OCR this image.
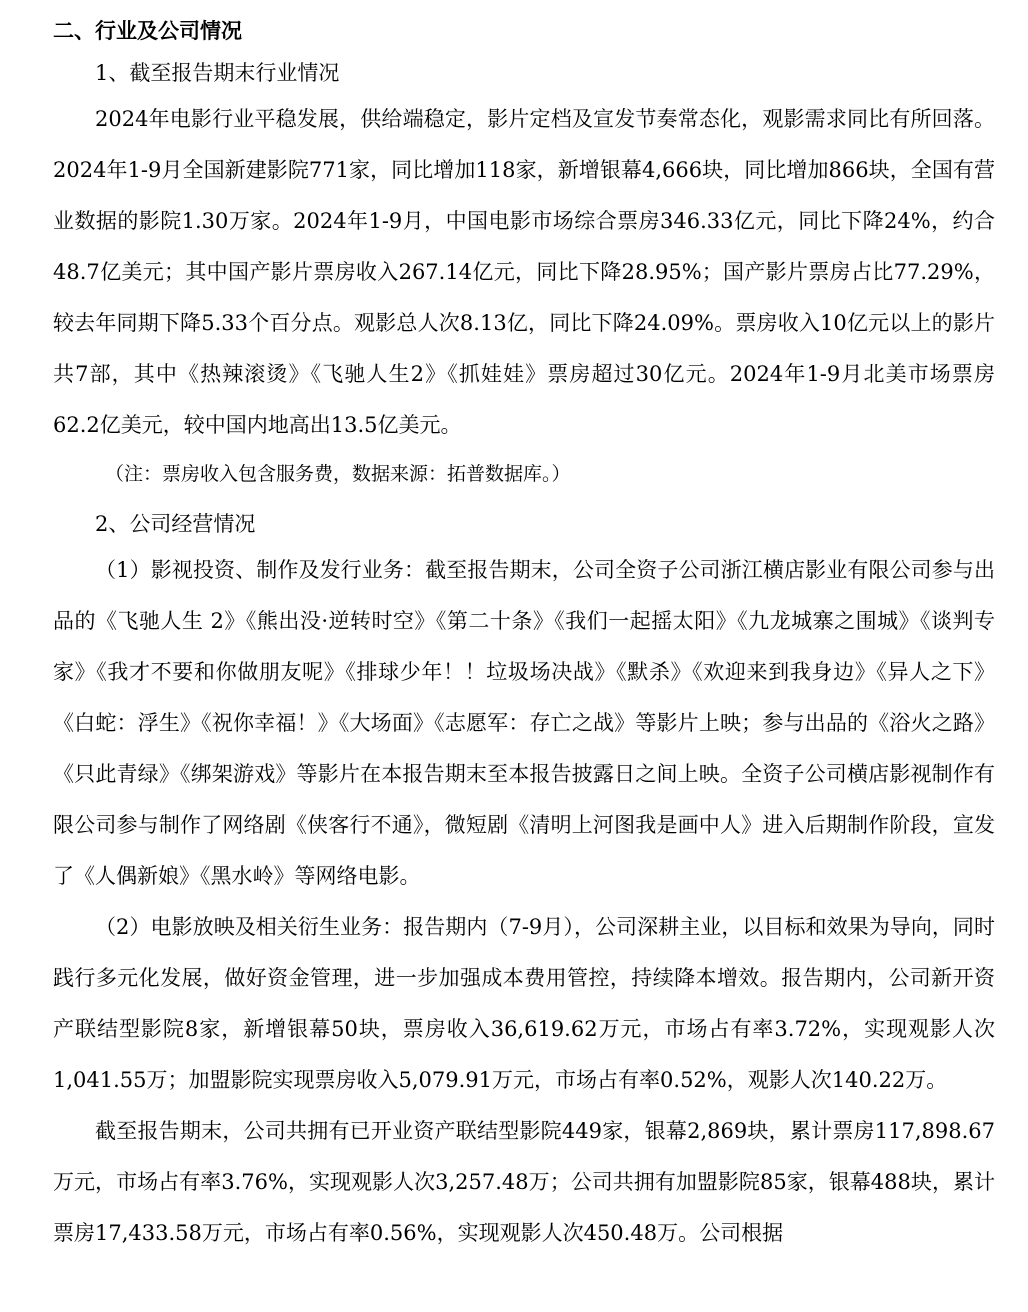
二、行业及公司情况

1、截至报告期末行业情况

2024年电影行业平稳发展，供给端稳定，影片定档及宣发节奏常态化，观影需求同比有所回落。2024年1-9月全国新建影院771家，同比增加118家，新增银幕4,666块，同比增加866块，全国有营业数据的影院1.30万家。2024年1-9月，中国电影市场综合票房346.33亿元，同比下降24%，约合48.7亿美元；其中国产影片票房收入267.14亿元，同比下降28.95%；国产影片票房占比77.29%，较去年同期下降5.33个百分点。观影总人次8.13亿，同比下降24.09%。票房收入10亿元以上的影片共7部，其中《热辣滚烫》《飞驰人生2》《抓娃娃》票房超过30亿元。2024年1-9月北美市场票房62.2亿美元，较中国内地高出13.5亿美元。

（注：票房收入包含服务费，数据来源：拓普数据库。）

2、公司经营情况

（1）影视投资、制作及发行业务：截至报告期末，公司全资子公司浙江横店影业有限公司参与出品的《飞驰人生 2》《熊出没·逆转时空》《第二十条》《我们一起摇太阳》《九龙城寨之围城》《谈判专家》《我才不要和你做朋友呢》《排球少年！！垃圾场决战》《默杀》《欢迎来到我身边》《异人之下》《白蛇：浮生》《祝你幸福！》《大场面》《志愿军：存亡之战》等影片上映；参与出品的《浴火之路》《只此青绿》《绑架游戏》等影片在本报告期末至本报告披露日之间上映。全资子公司横店影视制作有限公司参与制作了网络剧《侠客行不通》，微短剧《清明上河图我是画中人》进入后期制作阶段，宣发了《人偶新娘》《黑水岭》等网络电影。

（2）电影放映及相关衍生业务：报告期内（7-9月），公司深耕主业，以目标和效果为导向，同时践行多元化发展，做好资金管理，进一步加强成本费用管控，持续降本增效。报告期内，公司新开资产联结型影院8家，新增银幕50块，票房收入36,619.62万元，市场占有率3.72%，实现观影人次1,041.55万；加盟影院实现票房收入5,079.91万元，市场占有率0.52%，观影人次140.22万。

截至报告期末，公司共拥有已开业资产联结型影院449家，银幕2,869块，累计票房117,898.67万元，市场占有率3.76%，实现观影人次3,257.48万；公司共拥有加盟影院85家，银幕488块，累计票房17,433.58万元，市场占有率0.56%，实现观影人次450.48万。公司根据
